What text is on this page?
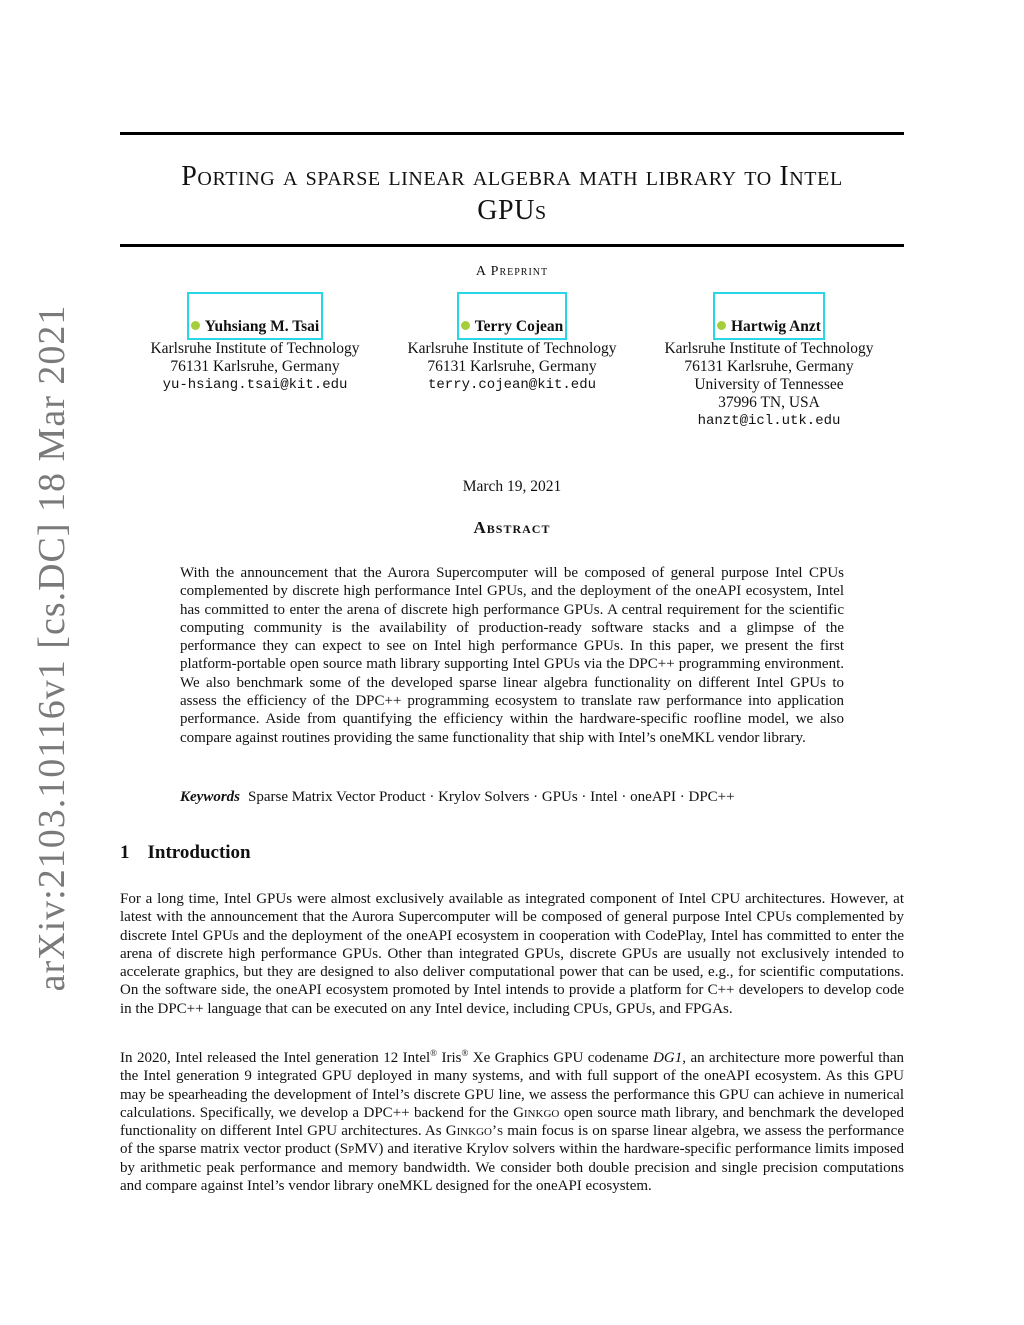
arXiv:2103.10116v1 [cs.DC] 18 Mar 2021
Porting a sparse linear algebra math library to Intel
GPUs
A Preprint
Yuhsiang M. Tsai
Karlsruhe Institute of Technology
76131 Karlsruhe, Germany
yu-hsiang.tsai@kit.edu
Terry Cojean
Karlsruhe Institute of Technology
76131 Karlsruhe, Germany
terry.cojean@kit.edu
Hartwig Anzt
Karlsruhe Institute of Technology
76131 Karlsruhe, Germany
University of Tennessee
37996 TN, USA
hanzt@icl.utk.edu
March 19, 2021
Abstract

With the announcement that the Aurora Supercomputer will be composed of general purpose Intel CPUs complemented by discrete high performance Intel GPUs, and the deployment of the oneAPI ecosystem, Intel has committed to enter the arena of discrete high performance GPUs. A central requirement for the scientific computing community is the availability of production-ready software stacks and a glimpse of the performance they can expect to see on Intel high performance GPUs. In this paper, we present the first platform-portable open source math library supporting Intel GPUs via the DPC++ programming environment. We also benchmark some of the developed sparse linear algebra functionality on different Intel GPUs to assess the efficiency of the DPC++ programming ecosystem to translate raw performance into application performance. Aside from quantifying the efficiency within the hardware-specific roofline model, we also compare against routines providing the same functionality that ship with Intel’s oneMKL vendor library.

Keywords Sparse Matrix Vector Product · Krylov Solvers · GPUs · Intel · oneAPI · DPC++
1 Introduction

For a long time, Intel GPUs were almost exclusively available as integrated component of Intel CPU architectures. However, at latest with the announcement that the Aurora Supercomputer will be composed of general purpose Intel CPUs complemented by discrete Intel GPUs and the deployment of the oneAPI ecosystem in cooperation with CodePlay, Intel has committed to enter the arena of discrete high performance GPUs. Other than integrated GPUs, discrete GPUs are usually not exclusively intended to accelerate graphics, but they are designed to also deliver computational power that can be used, e.g., for scientific computations. On the software side, the oneAPI ecosystem promoted by Intel intends to provide a platform for C++ developers to develop code in the DPC++ language that can be executed on any Intel device, including CPUs, GPUs, and FPGAs.

In 2020, Intel released the Intel generation 12 Intel® Iris® Xe Graphics GPU codename DG1, an architecture more powerful than the Intel generation 9 integrated GPU deployed in many systems, and with full support of the oneAPI ecosystem. As this GPU may be spearheading the development of Intel’s discrete GPU line, we assess the performance this GPU can achieve in numerical calculations. Specifically, we develop a DPC++ backend for the Ginkgo open source math library, and benchmark the developed functionality on different Intel GPU architectures. As Ginkgo’s main focus is on sparse linear algebra, we assess the performance of the sparse matrix vector product (SpMV) and iterative Krylov solvers within the hardware-specific performance limits imposed by arithmetic peak performance and memory bandwidth. We consider both double precision and single precision computations and compare against Intel’s vendor library oneMKL designed for the oneAPI ecosystem.
